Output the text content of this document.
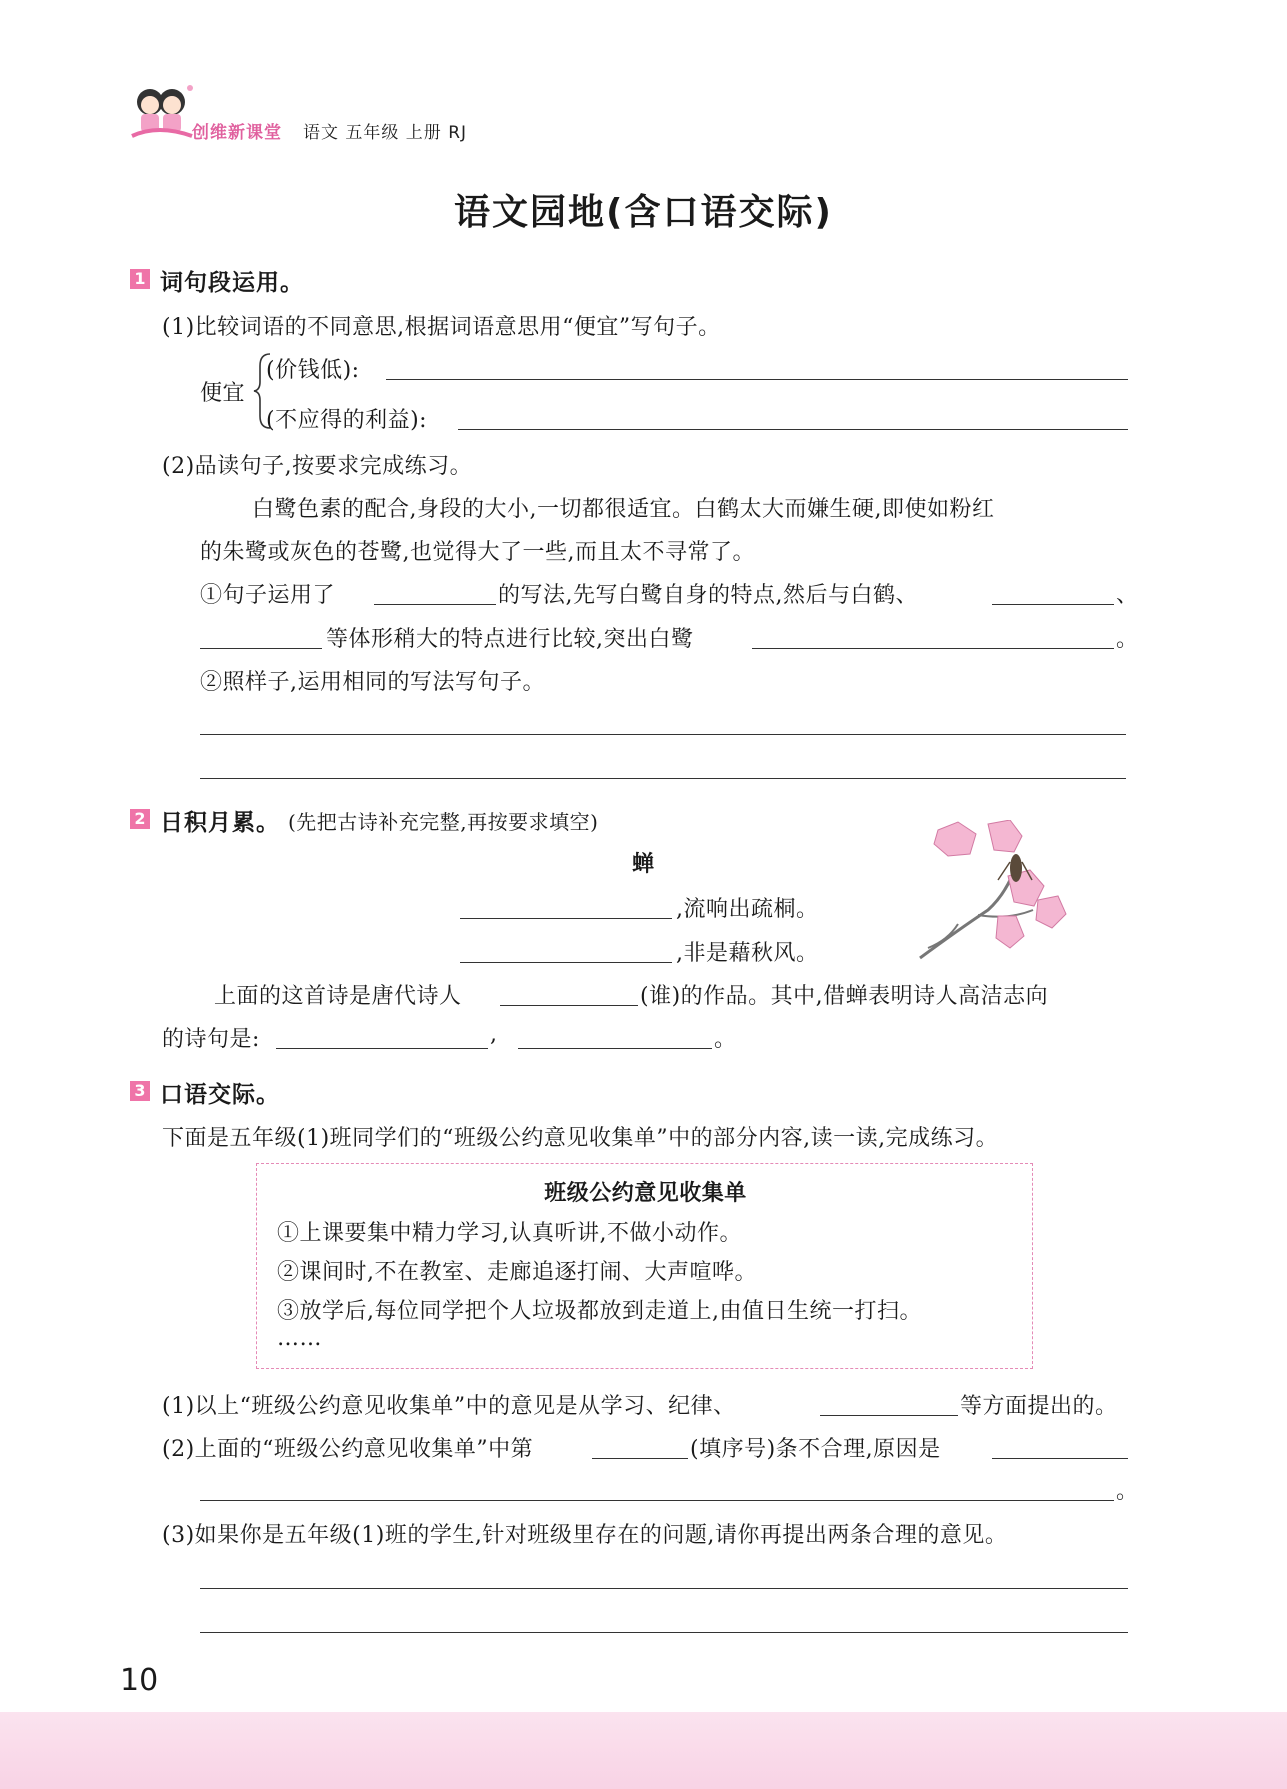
创维新课堂 语文 五年级 上册 RJ
语文园地(含口语交际)
1 词句段运用。
(1)比较词语的不同意思,根据词语意思用“便宜”写句子。
便宜
(价钱低):
(不应得的利益):
(2)品读句子,按要求完成练习。
白鹭色素的配合,身段的大小,一切都很适宜。白鹤太大而嫌生硬,即使如粉红
的朱鹭或灰色的苍鹭,也觉得大了一些,而且太不寻常了。
①句子运用了	的写法,先写白鹭自身的特点,然后与白鹤、	、
等体形稍大的特点进行比较,突出白鹭	。
②照样子,运用相同的写法写句子。
2 日积月累。 (先把古诗补充完整,再按要求填空)
蝉
,流响出疏桐。
,非是藉秋风。
上面的这首诗是唐代诗人	(谁)的作品。其中,借蝉表明诗人高洁志向
的诗句是:	,	。
3 口语交际。
下面是五年级(1)班同学们的“班级公约意见收集单”中的部分内容,读一读,完成练习。
班级公约意见收集单
①上课要集中精力学习,认真听讲,不做小动作。
②课间时,不在教室、走廊追逐打闹、大声喧哗。
③放学后,每位同学把个人垃圾都放到走道上,由值日生统一打扫。
……
(1)以上“班级公约意见收集单”中的意见是从学习、纪律、	等方面提出的。
(2)上面的“班级公约意见收集单”中第	(填序号)条不合理,原因是
。
(3)如果你是五年级(1)班的学生,针对班级里存在的问题,请你再提出两条合理的意见。
10
